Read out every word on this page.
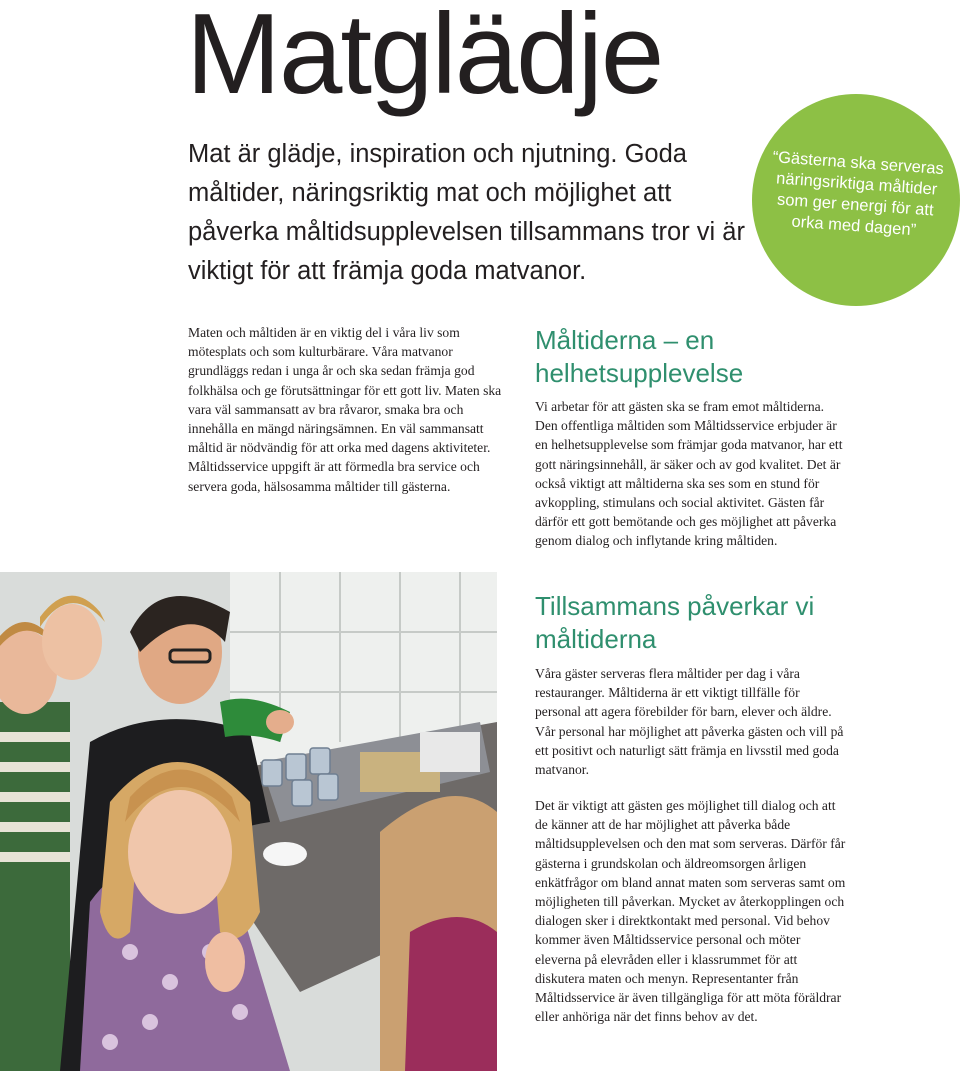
Matglädje

Mat är glädje, inspiration och njutning. Goda måltider, näringsriktig mat och möjlighet att påverka måltidsupplevelsen tillsammans tror vi är viktigt för att främja goda matvanor.

“Gästerna ska serveras näringsriktiga måltider som ger energi för att orka med dagen”

Maten och måltiden är en viktig del i våra liv som mötesplats och som kulturbärare. Våra matvanor grundläggs redan i unga år och ska sedan främja god folkhälsa och ge förutsättningar för ett gott liv. Maten ska vara väl sammansatt av bra råvaror, smaka bra och innehålla en mängd näringsämnen. En väl sammansatt måltid är nödvändig för att orka med dagens aktiviteter. Måltidsservice uppgift är att förmedla bra service och servera goda, hälsosamma måltider till gästerna.

Måltiderna – en helhetsupplevelse

Vi arbetar för att gästen ska se fram emot måltiderna. Den offentliga måltiden som Måltidsservice erbjuder är en helhetsupplevelse som främjar goda matvanor, har ett gott näringsinnehåll, är säker och av god kvalitet. Det är också viktigt att måltiderna ska ses som en stund för avkoppling, stimulans och social aktivitet. Gästen får därför ett gott bemötande och ges möjlighet att påverka genom dialog och inflytande kring måltiden.

Tillsammans påverkar vi måltiderna

Våra gäster serveras flera måltider per dag i våra restauranger. Måltiderna är ett viktigt tillfälle för personal att agera förebilder för barn, elever och äldre. Vår personal har möjlighet att påverka gästen och vill på ett positivt och naturligt sätt främja en livsstil med goda matvanor.

Det är viktigt att gästen ges möjlighet till dialog och att de känner att de har möjlighet att påverka både måltidsupplevelsen och den mat som serveras. Därför får gästerna i grundskolan och äldreomsorgen årligen enkätfrågor om bland annat maten som serveras samt om möjligheten till påverkan. Mycket av återkopplingen och dialogen sker i direktkontakt med personal. Vid behov kommer även Måltidsservice personal och möter eleverna på elevråden eller i klassrummet för att diskutera maten och menyn. Representanter från Måltidsservice är även tillgängliga för att möta föräldrar eller anhöriga när det finns behov av det.
